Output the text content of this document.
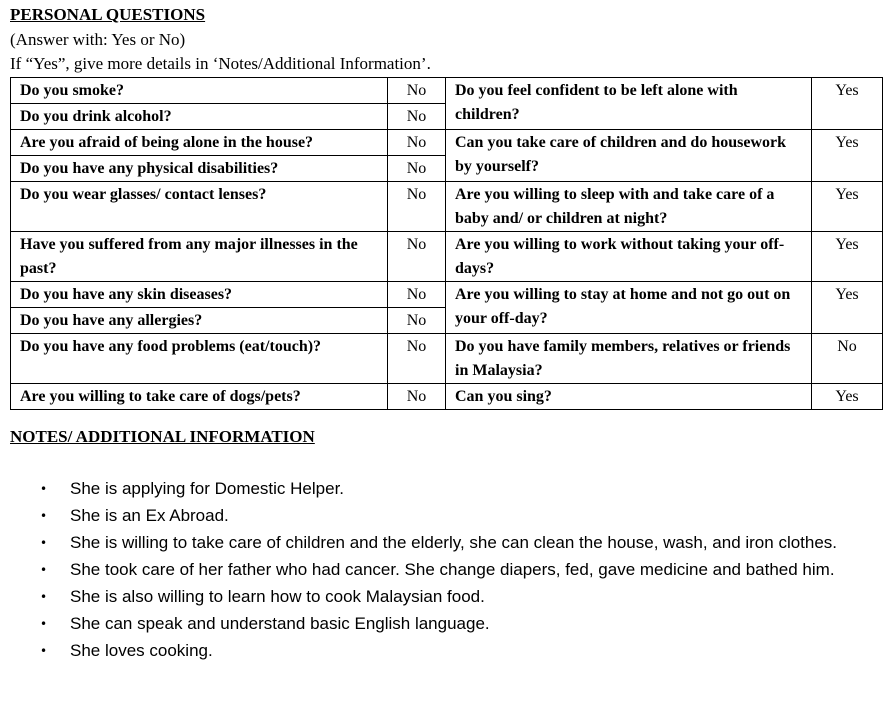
PERSONAL QUESTIONS
(Answer with: Yes or No)
If “Yes”, give more details in ‘Notes/Additional Information’.
Do you smoke?	No	Do you feel confident to be left alone with children?	Yes
Do you drink alcohol?	No		
Are you afraid of being alone in the house?	No	Can you take care of children and do housework by yourself?	Yes
Do you have any physical disabilities?	No		
Do you wear glasses/ contact lenses?	No	Are you willing to sleep with and take care of a baby and/ or children at night?	Yes
Have you suffered from any major illnesses in the past?	No	Are you willing to work without taking your off-days?	Yes
Do you have any skin diseases?	No	Are you willing to stay at home and not go out on your off-day?	Yes
Do you have any allergies?	No		
Do you have any food problems (eat/touch)?	No	Do you have family members, relatives or friends in Malaysia?	No
Are you willing to take care of dogs/pets?	No	Can you sing?	Yes
NOTES/ ADDITIONAL INFORMATION
• She is applying for Domestic Helper.
• She is an Ex Abroad.
• She is willing to take care of children and the elderly, she can clean the house, wash, and iron clothes.
• She took care of her father who had cancer. She change diapers, fed, gave medicine and bathed him.
• She is also willing to learn how to cook Malaysian food.
• She can speak and understand basic English language.
• She loves cooking.
